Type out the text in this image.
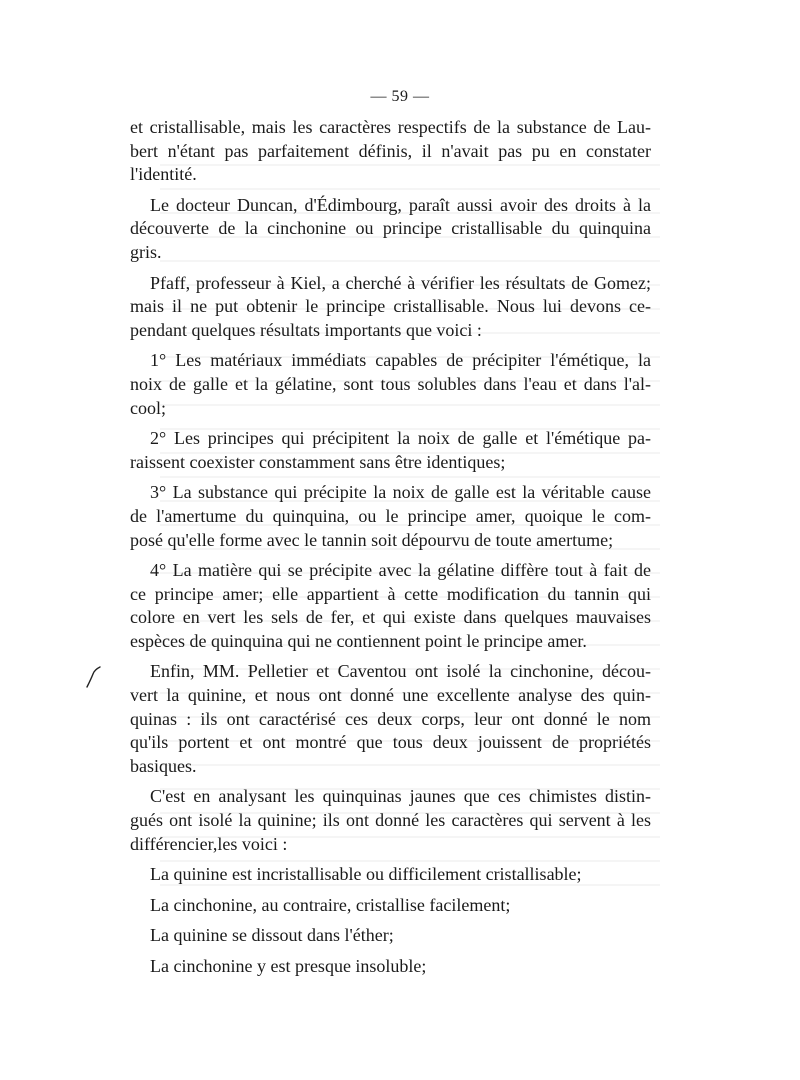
— 59 —

et cristallisable, mais les caractères respectifs de la substance de Lau-
bert n'étant pas parfaitement définis, il n'avait pas pu en constater
l'identité.

Le docteur Duncan, d'Édimbourg, paraît aussi avoir des droits à la
découverte de la cinchonine ou principe cristallisable du quinquina
gris.

Pfaff, professeur à Kiel, a cherché à vérifier les résultats de Gomez;
mais il ne put obtenir le principe cristallisable. Nous lui devons ce-
pendant quelques résultats importants que voici :

1° Les matériaux immédiats capables de précipiter l'émétique, la
noix de galle et la gélatine, sont tous solubles dans l'eau et dans l'al-
cool;

2° Les principes qui précipitent la noix de galle et l'émétique pa-
raissent coexister constamment sans être identiques;

3° La substance qui précipite la noix de galle est la véritable cause
de l'amertume du quinquina, ou le principe amer, quoique le com-
posé qu'elle forme avec le tannin soit dépourvu de toute amertume;

4° La matière qui se précipite avec la gélatine diffère tout à fait de
ce principe amer; elle appartient à cette modification du tannin qui
colore en vert les sels de fer, et qui existe dans quelques mauvaises
espèces de quinquina qui ne contiennent point le principe amer.

Enfin, MM. Pelletier et Caventou ont isolé la cinchonine, décou-
vert la quinine, et nous ont donné une excellente analyse des quin-
quinas : ils ont caractérisé ces deux corps, leur ont donné le nom
qu'ils portent et ont montré que tous deux jouissent de propriétés
basiques.

C'est en analysant les quinquinas jaunes que ces chimistes distin-
gués ont isolé la quinine; ils ont donné les caractères qui servent à les
différencier,les voici :

La quinine est incristallisable ou difficilement cristallisable;

La cinchonine, au contraire, cristallise facilement;

La quinine se dissout dans l'éther;

La cinchonine y est presque insoluble;
